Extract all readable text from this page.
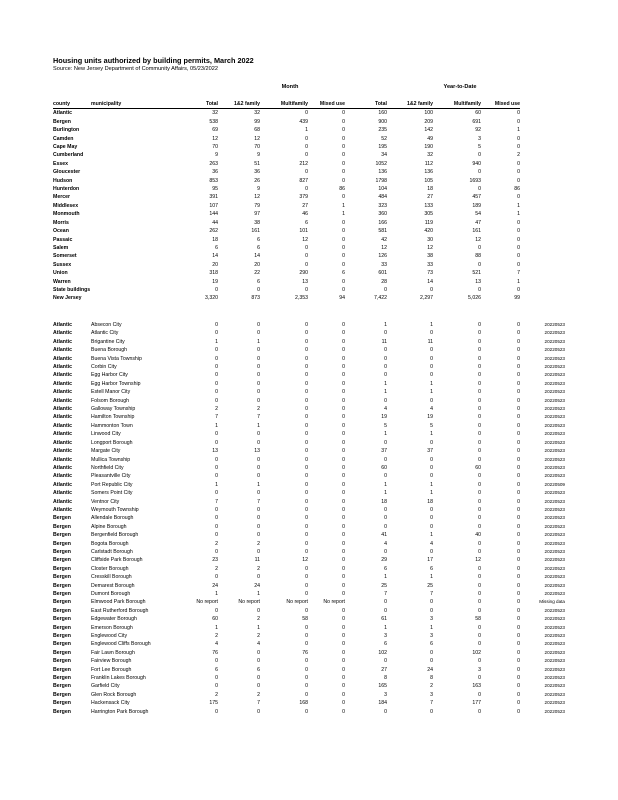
Housing units authorized by building permits, March 2022
Source: New Jersey Department of Community Affairs, 05/23/2022
Month	Year-to-Date
county	municipality	Total	1&2 family	Multifamily	Mixed use	Total	1&2 family	Multifamily	Mixed use
Atlantic		32	32	0	0	160	100	60	0
Bergen		538	99	439	0	900	209	691	0
Burlington		69	68	1	0	235	142	92	1
Camden		12	12	0	0	52	49	3	0
Cape May		70	70	0	0	195	190	5	0
Cumberland		9	9	0	0	34	32	0	2
Essex		263	51	212	0	1052	112	940	0
Gloucester		36	36	0	0	136	136	0	0
Hudson		853	26	827	0	1798	105	1693	0
Hunterdon		95	9	0	86	104	18	0	86
Mercer		391	12	379	0	484	27	457	0
Middlesex		107	79	27	1	323	133	189	1
Monmouth		144	97	46	1	360	305	54	1
Morris		44	38	6	0	166	119	47	0
Ocean		262	161	101	0	581	420	161	0
Passaic		18	6	12	0	42	30	12	0
Salem		6	6	0	0	12	12	0	0
Somerset		14	14	0	0	126	38	88	0
Sussex		20	20	0	0	33	33	0	0
Union		318	22	290	6	601	73	521	7
Warren		19	6	13	0	28	14	13	1
State buildings		0	0	0	0	0	0	0	0
New Jersey		3,320	873	2,353	94	7,422	2,297	5,026	99
Atlantic	Absecon City	0	0	0	0	1	1	0	0	20220523
Atlantic	Atlantic City	0	0	0	0	0	0	0	0	20220523
Atlantic	Brigantine City	1	1	0	0	11	11	0	0	20220523
Atlantic	Buena Borough	0	0	0	0	0	0	0	0	20220523
Atlantic	Buena Vista Township	0	0	0	0	0	0	0	0	20220523
Atlantic	Corbin City	0	0	0	0	0	0	0	0	20220523
Atlantic	Egg Harbor City	0	0	0	0	0	0	0	0	20220523
Atlantic	Egg Harbor Township	0	0	0	0	1	1	0	0	20220523
Atlantic	Estell Manor City	0	0	0	0	1	1	0	0	20220523
Atlantic	Folsom Borough	0	0	0	0	0	0	0	0	20220523
Atlantic	Galloway Township	2	2	0	0	4	4	0	0	20220523
Atlantic	Hamilton Township	7	7	0	0	19	19	0	0	20220523
Atlantic	Hammonton Town	1	1	0	0	5	5	0	0	20220523
Atlantic	Linwood City	0	0	0	0	1	1	0	0	20220523
Atlantic	Longport Borough	0	0	0	0	0	0	0	0	20220523
Atlantic	Margate City	13	13	0	0	37	37	0	0	20220523
Atlantic	Mullica Township	0	0	0	0	0	0	0	0	20220523
Atlantic	Northfield City	0	0	0	0	60	0	60	0	20220523
Atlantic	Pleasantville City	0	0	0	0	0	0	0	0	20220523
Atlantic	Port Republic City	1	1	0	0	1	1	0	0	20220509
Atlantic	Somers Point City	0	0	0	0	1	1	0	0	20220523
Atlantic	Ventnor City	7	7	0	0	18	18	0	0	20220523
Atlantic	Weymouth Township	0	0	0	0	0	0	0	0	20220523
Bergen	Allendale Borough	0	0	0	0	0	0	0	0	20220523
Bergen	Alpine Borough	0	0	0	0	0	0	0	0	20220523
Bergen	Bergenfield Borough	0	0	0	0	41	1	40	0	20220523
Bergen	Bogota Borough	2	2	0	0	4	4	0	0	20220523
Bergen	Carlstadt Borough	0	0	0	0	0	0	0	0	20220523
Bergen	Cliffside Park Borough	23	11	12	0	29	17	12	0	20220523
Bergen	Closter Borough	2	2	0	0	6	6	0	0	20220523
Bergen	Cresskill Borough	0	0	0	0	1	1	0	0	20220523
Bergen	Demarest Borough	24	24	0	0	25	25	0	0	20220523
Bergen	Dumont Borough	1	1	0	0	7	7	0	0	20220523
Bergen	Elmwood Park Borough	No report	No report	No report	No report	0	0	0	0	Missing data
Bergen	East Rutherford Borough	0	0	0	0	0	0	0	0	20220523
Bergen	Edgewater Borough	60	2	58	0	61	3	58	0	20220523
Bergen	Emerson Borough	1	1	0	0	1	1	0	0	20220523
Bergen	Englewood City	2	2	0	0	3	3	0	0	20220523
Bergen	Englewood Cliffs Borough	4	4	0	0	6	6	0	0	20220523
Bergen	Fair Lawn Borough	76	0	76	0	102	0	102	0	20220523
Bergen	Fairview Borough	0	0	0	0	0	0	0	0	20220523
Bergen	Fort Lee Borough	6	6	0	0	27	24	3	0	20220523
Bergen	Franklin Lakes Borough	0	0	0	0	8	8	0	0	20220523
Bergen	Garfield City	0	0	0	0	165	2	163	0	20220523
Bergen	Glen Rock Borough	2	2	0	0	3	3	0	0	20220523
Bergen	Hackensack City	175	7	168	0	184	7	177	0	20220523
Bergen	Harrington Park Borough	0	0	0	0	0	0	0	0	20220523
